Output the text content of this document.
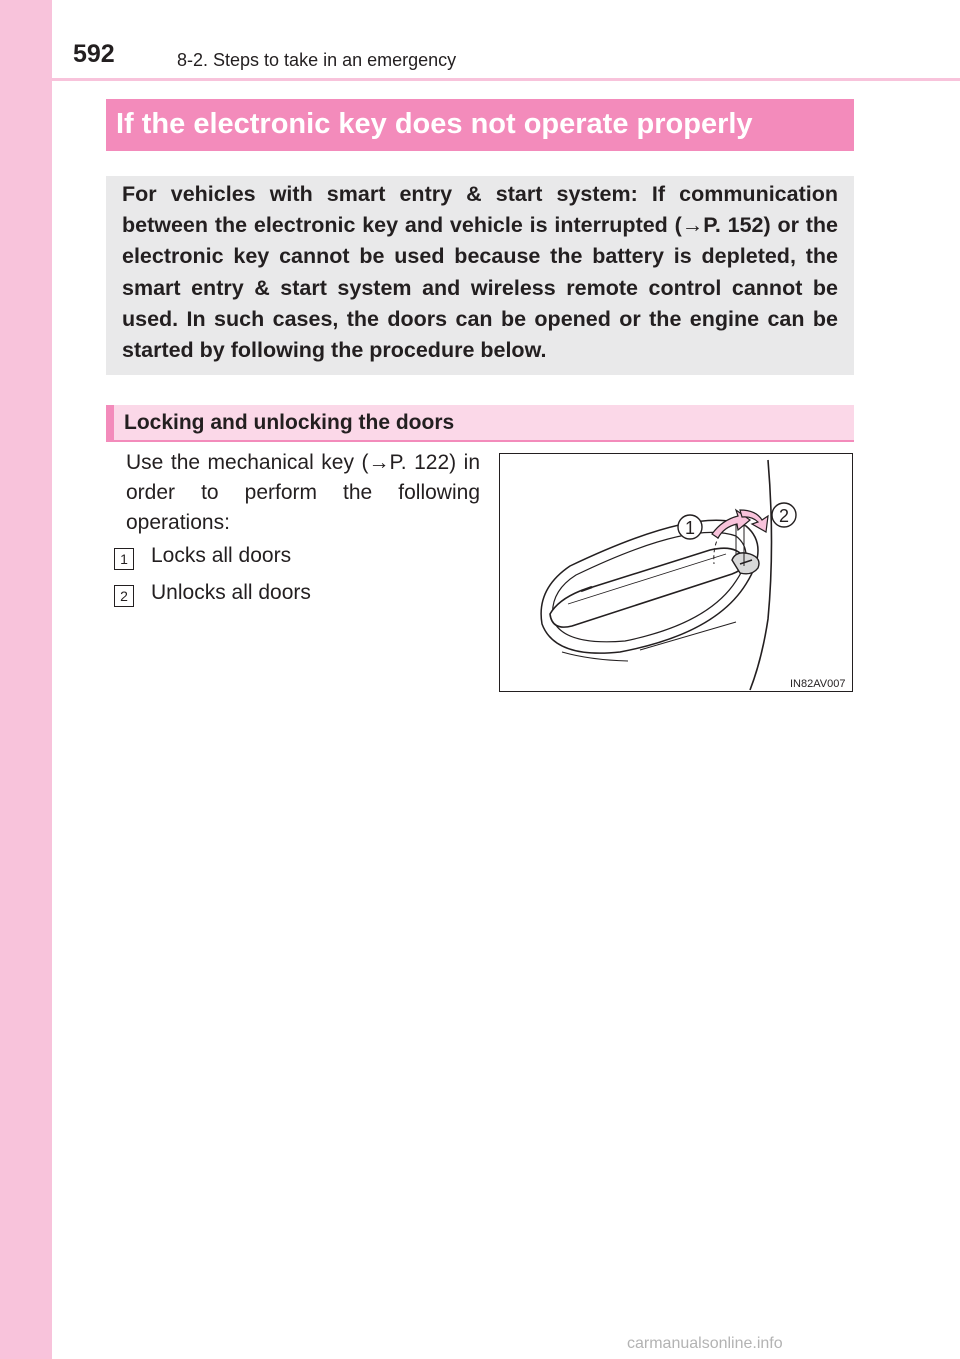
592	8-2. Steps to take in an emergency
If the electronic key does not operate properly
For vehicles with smart entry & start system: If communication between the electronic key and vehicle is interrupted (→P. 152) or the electronic key cannot be used because the battery is depleted, the smart entry & start system and wireless remote control cannot be used. In such cases, the doors can be opened or the engine can be started by following the procedure below.
Locking and unlocking the doors
Use the mechanical key (→P. 122) in order to perform the following operations:
1 Locks all doors
2 Unlocks all doors
1
2
IN82AV007
carmanualsonline.info
